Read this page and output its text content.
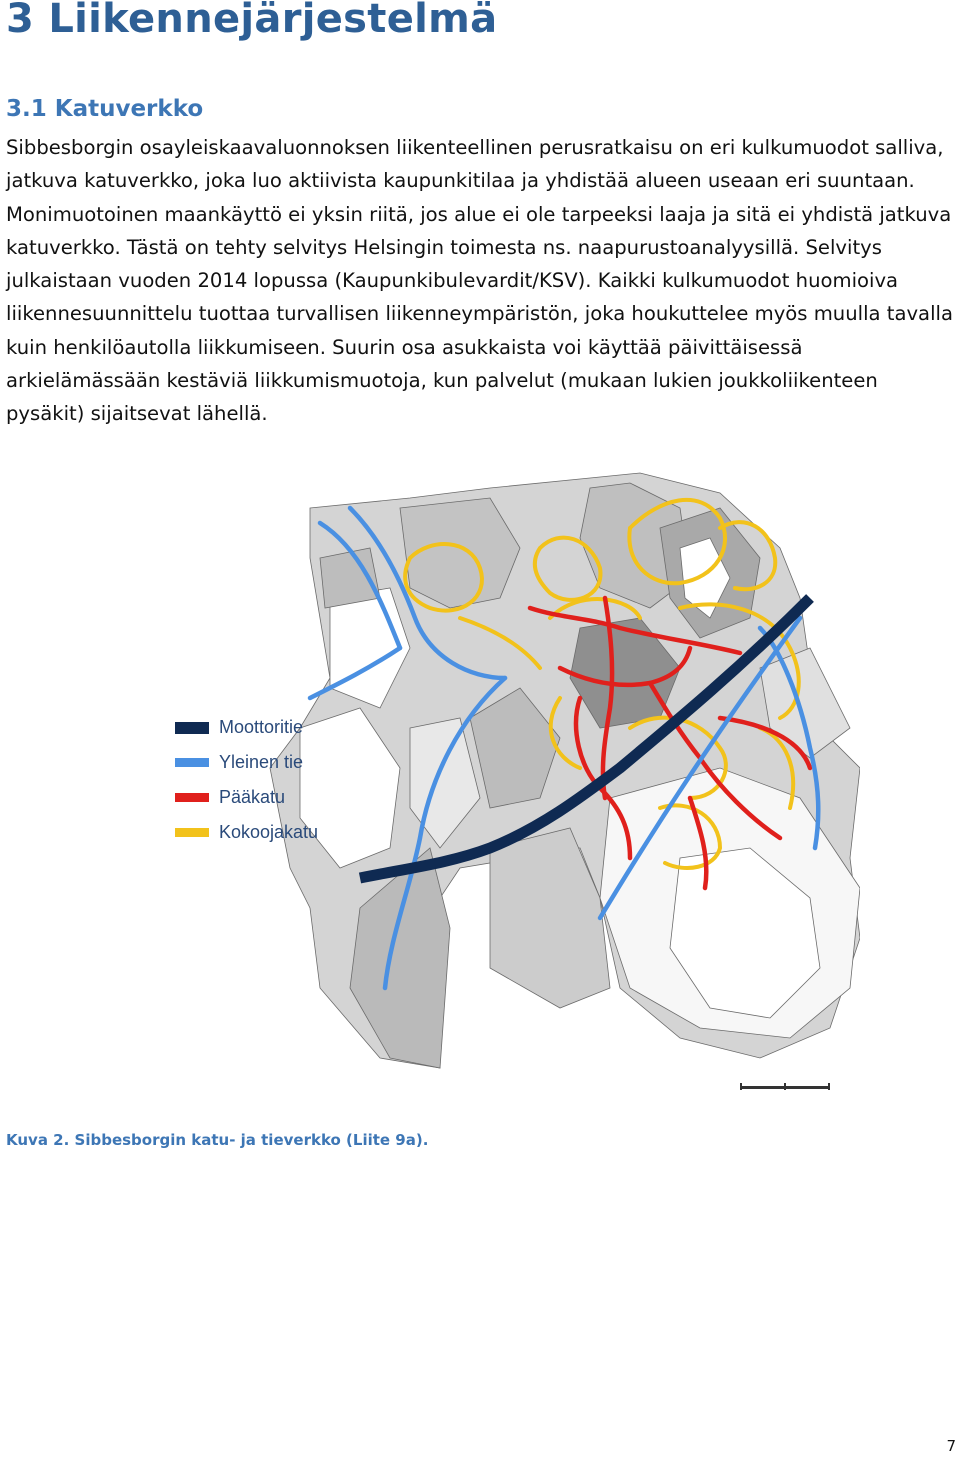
3 Liikennejärjestelmä
3.1 Katuverkko

Sibbesborgin osayleiskaavaluonnoksen liikenteellinen perusratkaisu on eri kulkumuodot salliva, jatkuva katuverkko, joka luo aktiivista kaupunkitilaa ja yhdistää alueen useaan eri suuntaan. Monimuotoinen maankäyttö ei yksin riitä, jos alue ei ole tarpeeksi laaja ja sitä ei yhdistä jatkuva katuverkko. Tästä on tehty selvitys Helsingin toimesta ns. naapurustoanalyysillä. Selvitys julkaistaan vuoden 2014 lopussa (Kaupunkibulevardit/KSV). Kaikki kulkumuodot huomioiva liikennesuunnittelu tuottaa turvallisen liikenneympäristön, joka houkuttelee myös muulla tavalla kuin henkilöautolla liikkumiseen. Suurin osa asukkaista voi käyttää päivittäisessä arkielämässään kestäviä liikkumismuotoja, kun palvelut (mukaan lukien joukkoliikenteen pysäkit) sijaitsevat lähellä.

Moottoritie
Yleinen tie
Pääkatu
Kokoojakatu

Kuva 2. Sibbesborgin katu- ja tieverkko (Liite 9a).

7
